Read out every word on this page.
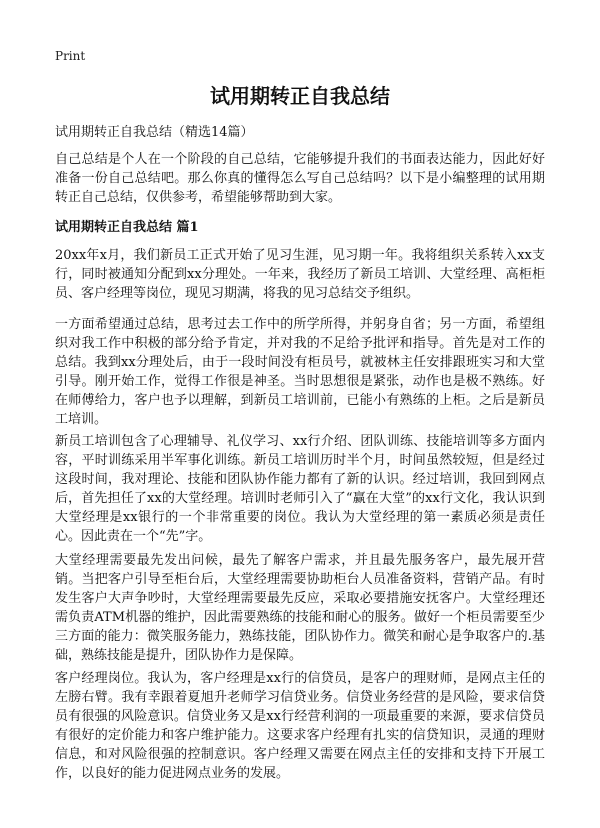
Print
试用期转正自我总结
试用期转正自我总结（精选14篇）

自己总结是个人在一个阶段的自己总结，它能够提升我们的书面表达能力，因此好好准备一份自己总结吧。那么你真的懂得怎么写自己总结吗？以下是小编整理的试用期转正自己总结，仅供参考，希望能够帮助到大家。

试用期转正自我总结 篇1

20xx年x月，我们新员工正式开始了见习生涯，见习期一年。我将组织关系转入xx支行，同时被通知分配到xx分理处。一年来，我经历了新员工培训、大堂经理、高柜柜员、客户经理等岗位，现见习期满，将我的见习总结交予组织。

一方面希望通过总结，思考过去工作中的所学所得，并躬身自省；另一方面，希望组织对我工作中积极的部分给予肯定，并对我的不足给予批评和指导。首先是对工作的总结。我到xx分理处后，由于一段时间没有柜员号，就被林主任安排跟班实习和大堂引导。刚开始工作，觉得工作很是神圣。当时思想很是紧张，动作也是极不熟练。好在师傅给力，客户也予以理解，到新员工培训前，已能小有熟练的上柜。之后是新员工培训。

新员工培训包含了心理辅导、礼仪学习、xx行介绍、团队训练、技能培训等多方面内容，平时训练采用半军事化训练。新员工培训历时半个月，时间虽然较短，但是经过这段时间，我对理论、技能和团队协作能力都有了新的认识。经过培训，我回到网点后，首先担任了xx的大堂经理。培训时老师引入了“赢在大堂”的xx行文化，我认识到大堂经理是xx银行的一个非常重要的岗位。我认为大堂经理的第一素质必须是责任心。因此责在一个“先”字。

大堂经理需要最先发出问候，最先了解客户需求，并且最先服务客户，最先展开营销。当把客户引导至柜台后，大堂经理需要协助柜台人员准备资料，营销产品。有时发生客户大声争吵时，大堂经理需要最先反应，采取必要措施安抚客户。大堂经理还需负责ATM机器的维护，因此需要熟练的技能和耐心的服务。做好一个柜员需要至少三方面的能力：微笑服务能力，熟练技能，团队协作力。微笑和耐心是争取客户的.基础，熟练技能是提升，团队协作力是保障。

客户经理岗位。我认为，客户经理是xx行的信贷员，是客户的理财师，是网点主任的左膀右臂。我有幸跟着夏旭升老师学习信贷业务。信贷业务经营的是风险，要求信贷员有很强的风险意识。信贷业务又是xx行经营利润的一项最重要的来源，要求信贷员有很好的定价能力和客户维护能力。这要求客户经理有扎实的信贷知识，灵通的理财信息，和对风险很强的控制意识。客户经理又需要在网点主任的安排和支持下开展工作，以良好的能力促进网点业务的发展。
